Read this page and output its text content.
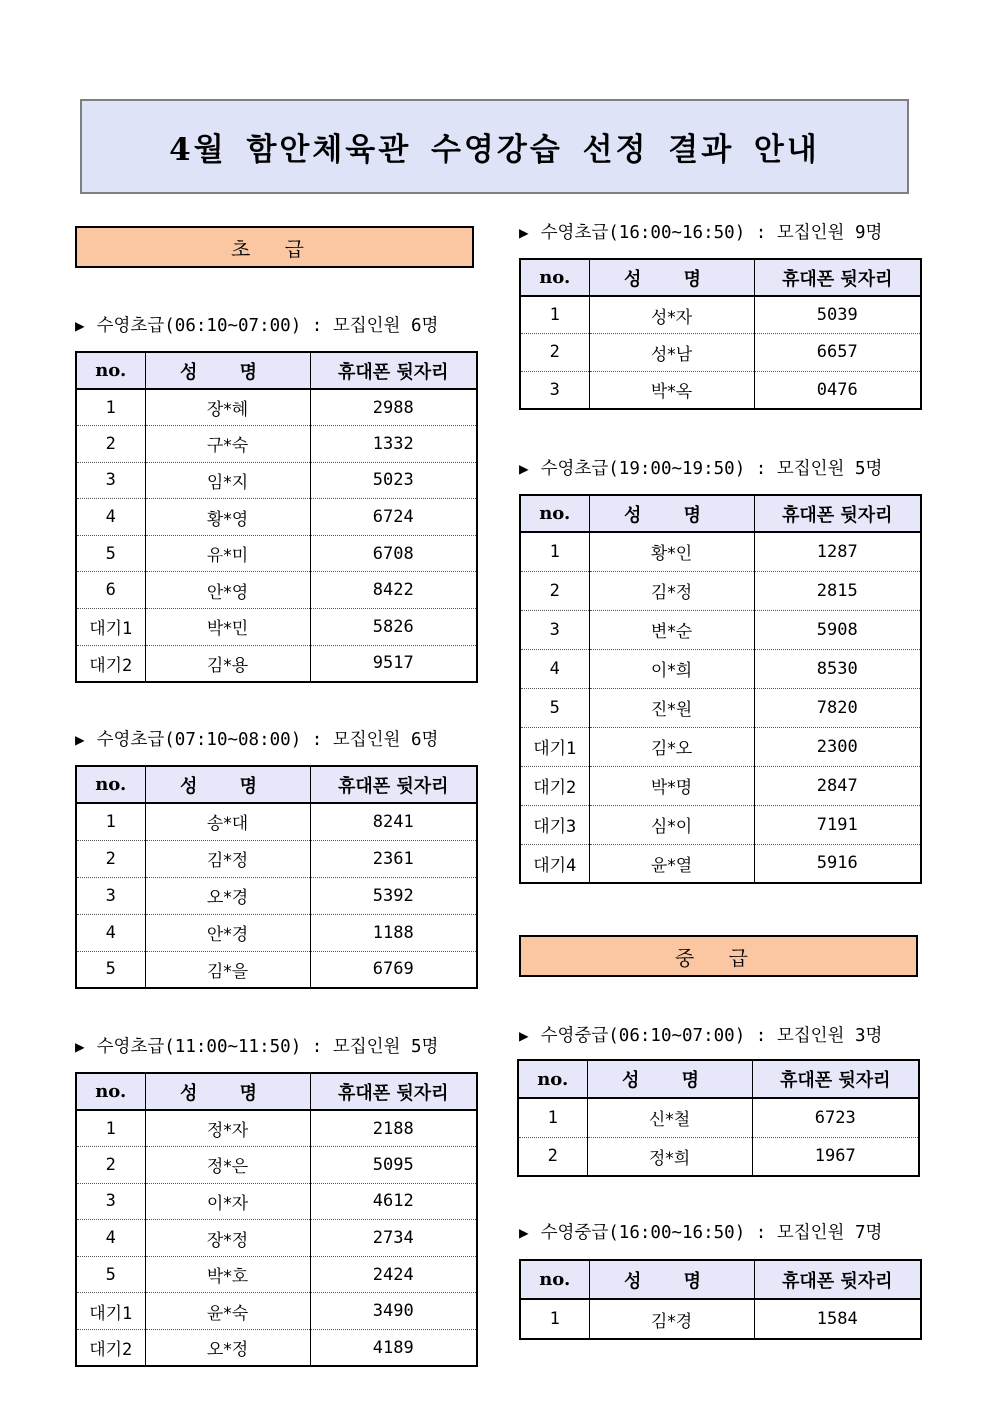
4월 함안체육관 수영강습 선정 결과 안내
초 급
중 급
▶ 수영초급(06:10~07:00) : 모집인원 6명
no.	성 명	휴대폰 뒷자리
1	장*혜	2988
2	구*숙	1332
3	임*지	5023
4	황*영	6724
5	유*미	6708
6	안*영	8422
대기1	박*민	5826
대기2	김*용	9517
▶ 수영초급(07:10~08:00) : 모집인원 6명
no.	성 명	휴대폰 뒷자리
1	송*대	8241
2	김*정	2361
3	오*경	5392
4	안*경	1188
5	김*을	6769
▶ 수영초급(11:00~11:50) : 모집인원 5명
no.	성 명	휴대폰 뒷자리
1	정*자	2188
2	정*은	5095
3	이*자	4612
4	장*정	2734
5	박*호	2424
대기1	윤*숙	3490
대기2	오*정	4189
▶ 수영초급(16:00~16:50) : 모집인원 9명
no.	성 명	휴대폰 뒷자리
1	성*자	5039
2	성*남	6657
3	박*옥	0476
▶ 수영초급(19:00~19:50) : 모집인원 5명
no.	성 명	휴대폰 뒷자리
1	황*인	1287
2	김*정	2815
3	변*순	5908
4	이*희	8530
5	진*원	7820
대기1	김*오	2300
대기2	박*명	2847
대기3	심*이	7191
대기4	윤*열	5916
▶ 수영중급(06:10~07:00) : 모집인원 3명
no.	성 명	휴대폰 뒷자리
1	신*철	6723
2	정*희	1967
▶ 수영중급(16:00~16:50) : 모집인원 7명
no.	성 명	휴대폰 뒷자리
1	김*경	1584
